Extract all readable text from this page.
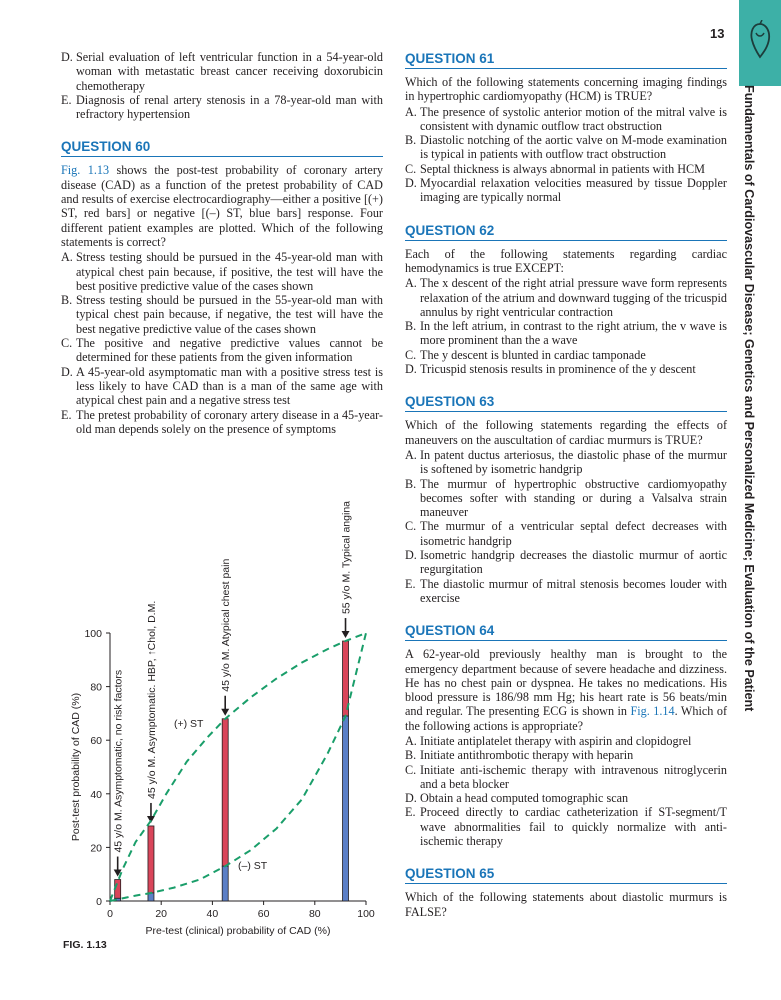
13
Fundamentals of Cardiovascular Disease; Genetics and Personalized Medicine; Evaluation of the Patient
D. Serial evaluation of left ventricular function in a 54-year-old woman with metastatic breast cancer receiving doxorubicin chemotherapy
E. Diagnosis of renal artery stenosis in a 78-year-old man with refractory hypertension
QUESTION 60

Fig. 1.13 shows the post-test probability of coronary artery disease (CAD) as a function of the pretest probability of CAD and results of exercise electrocardiography—either a positive [(+) ST, red bars] or negative [(–) ST, blue bars] response. Four different patient examples are plotted. Which of the following statements is correct?

A. Stress testing should be pursued in the 45-year-old man with atypical chest pain because, if positive, the test will have the best positive predictive value of the cases shown
B. Stress testing should be pursued in the 55-year-old man with typical chest pain because, if negative, the test will have the best negative predictive value of the cases shown
C. The positive and negative predictive values cannot be determined for these patients from the given information
D. A 45-year-old asymptomatic man with a positive stress test is less likely to have CAD than is a man of the same age with atypical chest pain and a negative stress test
E. The pretest probability of coronary artery disease in a 45-year-old man depends solely on the presence of symptoms
0	20	40	60	80	100
0
20
40
60
80
100
Pre-test (clinical) probability of CAD (%)
Post-test probability of CAD (%)	45 y/o M. Asymptomatic, no risk factors 45 y/o M. Asymptomatic. HBP, ↑Chol, D.M.	45 y/o M. Atypical chest pain
55 y/o M. Typical angina
(+) ST
(–) ST
FIG. 1.13
QUESTION 61

Which of the following statements concerning imaging findings in hypertrophic cardiomyopathy (HCM) is TRUE?

A. The presence of systolic anterior motion of the mitral valve is consistent with dynamic outflow tract obstruction
B. Diastolic notching of the aortic valve on M-mode examination is typical in patients with outflow tract obstruction
C. Septal thickness is always abnormal in patients with HCM
D. Myocardial relaxation velocities measured by tissue Doppler imaging are typically normal
QUESTION 62

Each of the following statements regarding cardiac hemodynamics is true EXCEPT:

A. The x descent of the right atrial pressure wave form represents relaxation of the atrium and downward tugging of the tricuspid annulus by right ventricular contraction
B. In the left atrium, in contrast to the right atrium, the v wave is more prominent than the a wave
C. The y descent is blunted in cardiac tamponade
D. Tricuspid stenosis results in prominence of the y descent
QUESTION 63

Which of the following statements regarding the effects of maneuvers on the auscultation of cardiac murmurs is TRUE?

A. In patent ductus arteriosus, the diastolic phase of the murmur is softened by isometric handgrip
B. The murmur of hypertrophic obstructive cardiomyopathy becomes softer with standing or during a Valsalva strain maneuver
C. The murmur of a ventricular septal defect decreases with isometric handgrip
D. Isometric handgrip decreases the diastolic murmur of aortic regurgitation
E. The diastolic murmur of mitral stenosis becomes louder with exercise
QUESTION 64

A 62-year-old previously healthy man is brought to the emergency department because of severe headache and dizziness. He has no chest pain or dyspnea. He takes no medications. His blood pressure is 186/98 mm Hg; his heart rate is 56 beats/min and regular. The presenting ECG is shown in Fig. 1.14. Which of the following actions is appropriate?

A. Initiate antiplatelet therapy with aspirin and clopidogrel
B. Initiate antithrombotic therapy with heparin
C. Initiate anti-ischemic therapy with intravenous nitroglycerin and a beta blocker
D. Obtain a head computed tomographic scan
E. Proceed directly to cardiac catheterization if ST-segment/T wave abnormalities fail to quickly normalize with anti-ischemic therapy
QUESTION 65

Which of the following statements about diastolic murmurs is FALSE?
